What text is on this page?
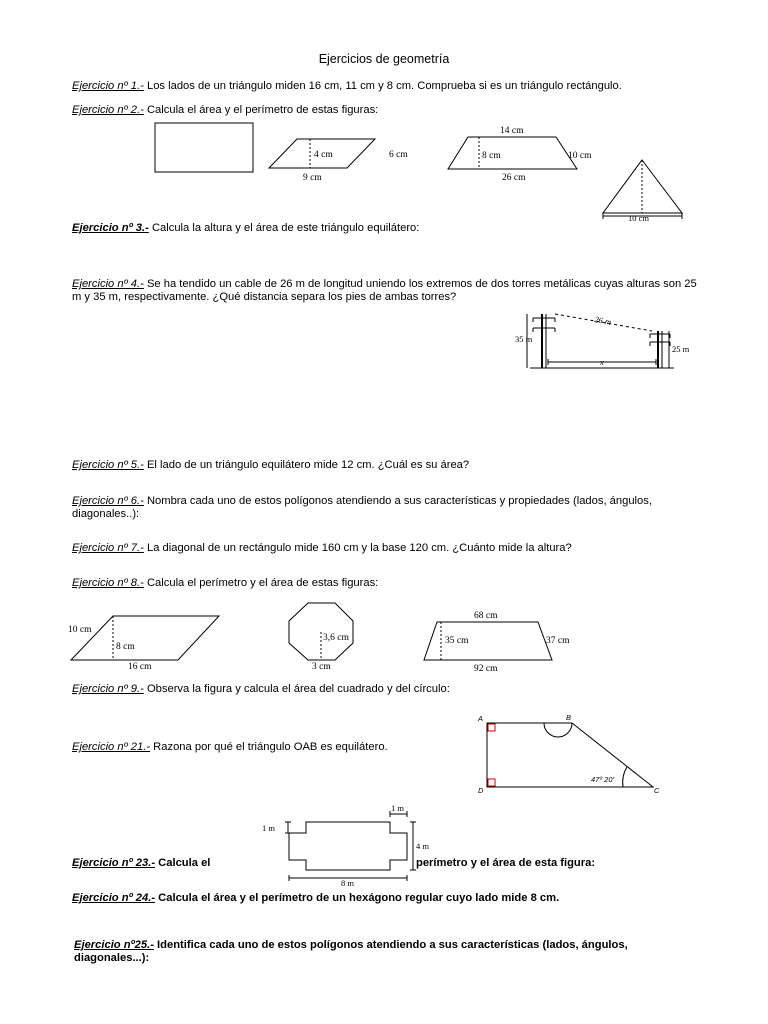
Ejercicios de geometría
Ejercicio nº 1.- Los lados de un triángulo miden 16 cm, 11 cm y 8 cm. Comprueba si es un triángulo rectángulo.
Ejercicio nº 2.- Calcula el área y el perímetro de estas figuras:
4 cm	6 cm
9 cm
14 cm
8 cm	10 cm
26 cm
10 cm
Ejercicio nº 3.- Calcula la altura y el área de este triángulo equilátero:
Ejercicio nº 4.- Se ha tendido un cable de 26 m de longitud uniendo los extremos de dos torres metálicas cuyas alturas son 25 m y 35 m, respectivamente. ¿Qué distancia separa los pies de ambas torres?
35 m
25 m
26 m
x
Ejercicio nº 5.- El lado de un triángulo equilátero mide 12 cm. ¿Cuál es su área?
Ejercicio nº 6.- Nombra cada uno de estos polígonos atendiendo a sus características y propiedades (lados, ángulos, diagonales..):
Ejercicio nº 7.- La diagonal de un rectángulo mide 160 cm y la base 120 cm. ¿Cuánto mide la altura?
Ejercicio nº 8.- Calcula el perímetro y el área de estas figuras:
10 cm
8 cm
16 cm
3,6 cm
3 cm
68 cm
35 cm	37 cm
92 cm
Ejercicio nº 9.- Observa la figura y calcula el área del cuadrado y del círculo:
A	B
C
D
47º 20'
Ejercicio nº 21.- Razona por qué el triángulo OAB es equilátero.
1 m
1 m
4 m
8 m
Ejercicio nº 23.- Calcula el	perímetro y el área de esta figura:
Ejercicio nº 24.- Calcula el área y el perímetro de un hexágono regular cuyo lado mide 8 cm.
Ejercicio nº25.- Identifica cada uno de estos polígonos atendiendo a sus características (lados, ángulos, diagonales...):
